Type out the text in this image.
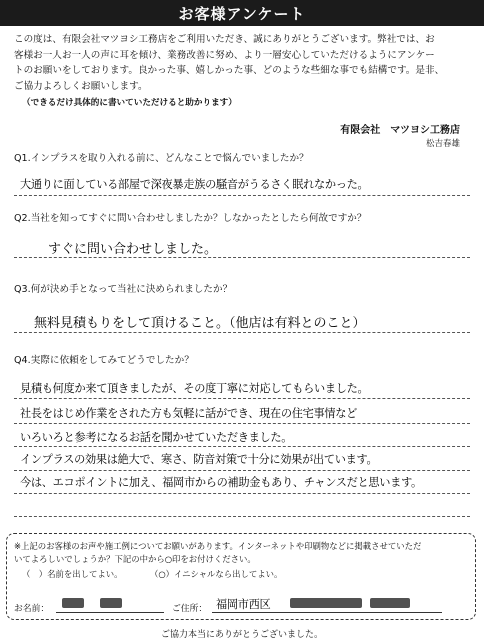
お客様アンケート
この度は、有限会社マツヨシ工務店をご利用いただき、誠にありがとうございます。弊社では、お
客様お一人お一人の声に耳を傾け、業務改善に努め、より一層安心していただけるようにアンケー
トのお願いをしております。良かった事、嬉しかった事、どのような些細な事でも結構です。是非、
ご協力よろしくお願いします。
（できるだけ具体的に書いていただけると助かります）
有限会社　マツヨシ工務店
松吉春雄
Q1.インプラスを取り入れる前に、どんなことで悩んでいましたか？
大通りに面している部屋で深夜暴走族の騒音がうるさく眠れなかった。
Q2.当社を知ってすぐに問い合わせしましたか？しなかったとしたら何故ですか？
すぐに問い合わせしました。
Q3.何が決め手となって当社に決められましたか？
無料見積もりをして頂けること。（他店は有料とのこと）
Q4.実際に依頼をしてみてどうでしたか？
見積も何度か来て頂きましたが、その度丁寧に対応してもらいました。
社長をはじめ作業をされた方も気軽に話ができ、現在の住宅事情など
いろいろと参考になるお話を聞かせていただきました。
インプラスの効果は絶大で、寒さ、防音対策で十分に効果が出ています。
今は、エコポイントに加え、福岡市からの補助金もあり、チャンスだと思います。
※上記のお客様のお声や施工例についてお願いがあります。インターネットや印刷物などに掲載させていただ
いてよろしいでしょうか？下記の中から○印をお付けください。
（　）名前を出してよい。	（○）イニシャルなら出してよい。
お名前：	ご住所： 福岡市西区
ご協力本当にありがとうございました。
